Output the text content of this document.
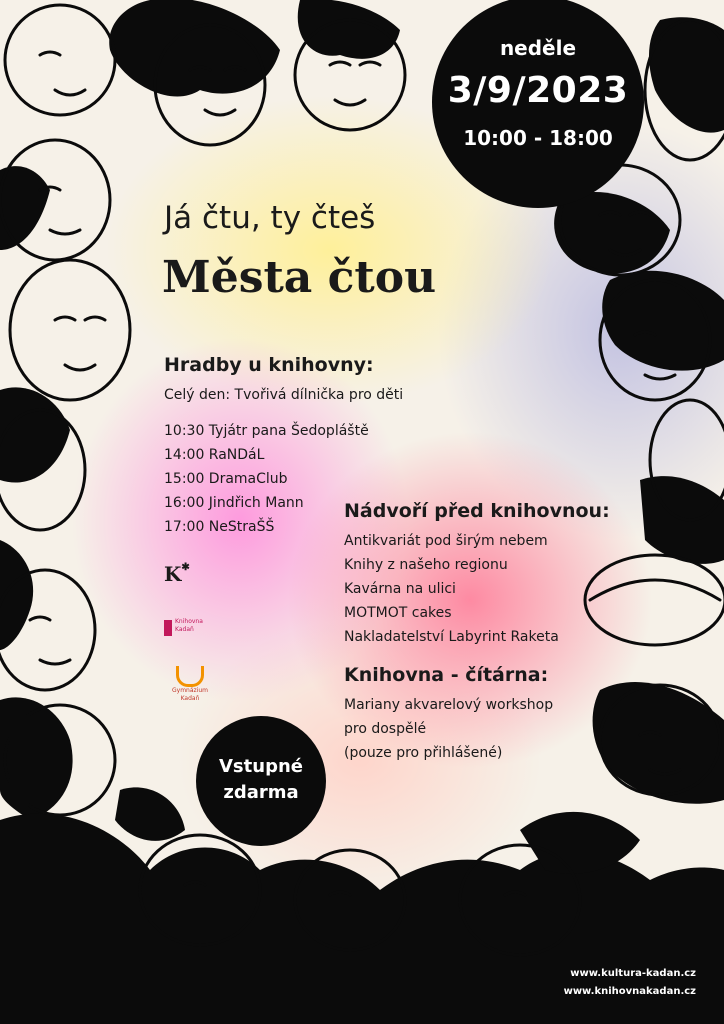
neděle
3/9/2023
10:00 - 18:00
Já čtu, ty čteš
Města čtou
Hradby u knihovny:
Celý den: Tvořivá dílnička pro děti
10:30 Tyjátr pana Šedopláště
14:00 RaNDáL
15:00 DramaClub
16:00 Jindřich Mann
17:00 NeStraŠŠ
Nádvoří před knihovnou:
Antikvariát pod širým nebem
Knihy z našeho regionu
Kavárna na ulici
MOTMOT cakes
Nakladatelství Labyrint Raketa
Knihovna - čítárna:
Mariany akvarelový workshop
pro dospělé
(pouze pro přihlášené)
K✱
Knihovna
Kadaň
Gymnázium
Kadaň
Vstupné
zdarma
www.kultura-kadan.cz
www.knihovnakadan.cz
